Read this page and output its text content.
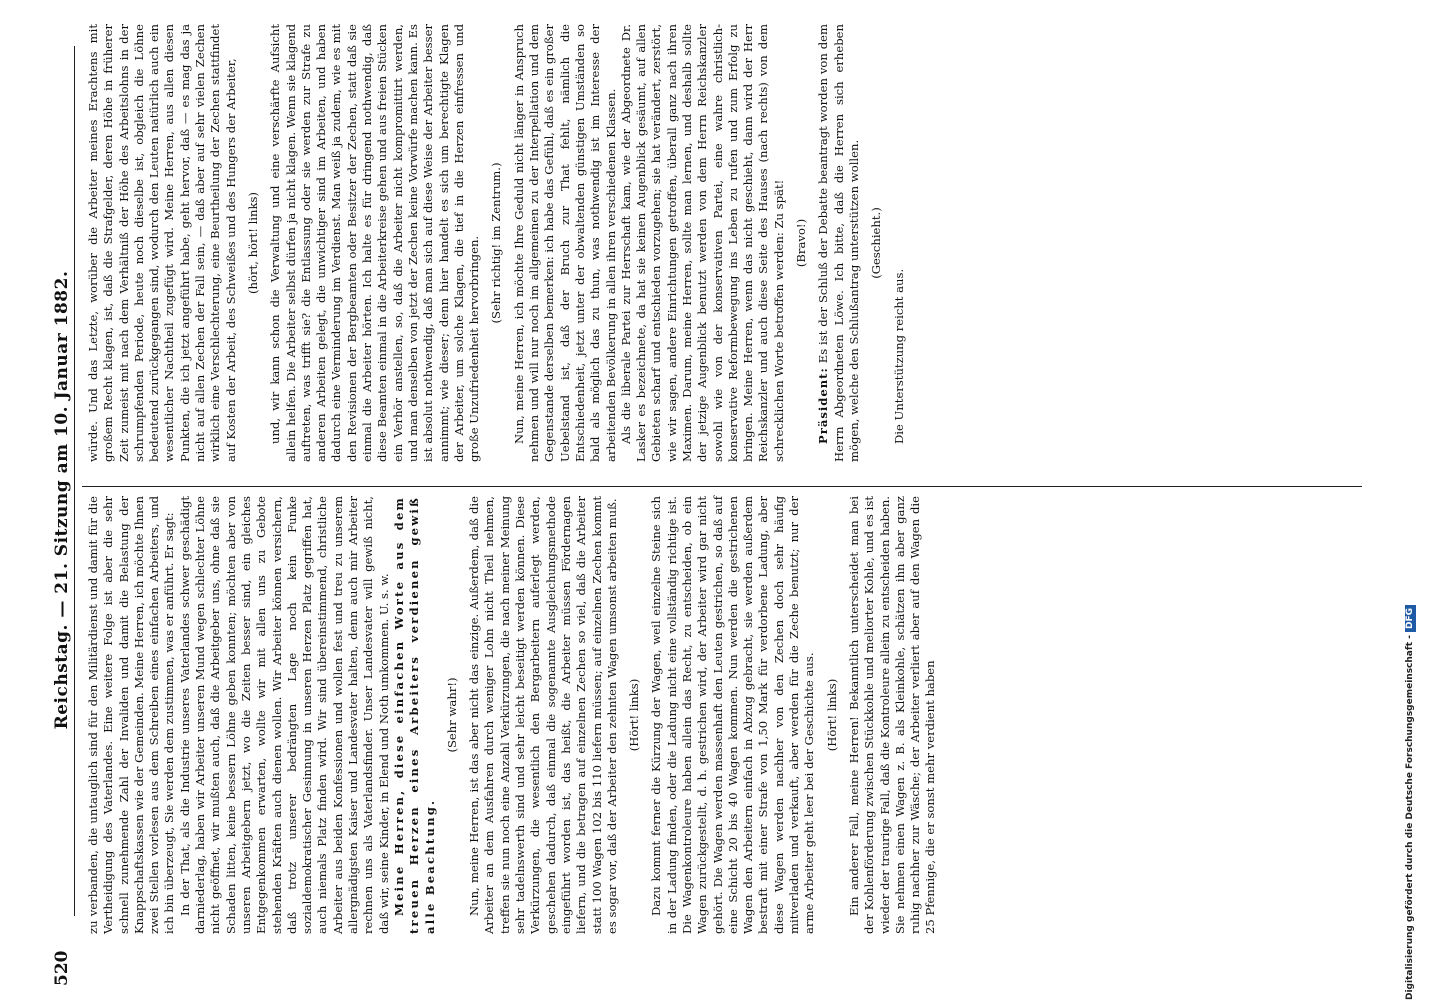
520
Reichstag. — 21. Sitzung am 10. Januar 1882. zu verbanden, die untauglich sind für den Militärdienst und damit für die Vertheidigung des Vaterlandes. Eine weitere Folge ist aber die sehr schnell zunehmende Zahl der Invaliden und damit die Belastung der Knappschaftskassen wie der Gemeinden. Meine Herren, ich möchte Ihnen zwei Stellen vorlesen aus dem Schreiben eines einfachen Arbeiters, und ich bin überzeugt, Sie werden dem zustimmen, was er anführt. Er sagt: In der That, als die Industrie unseres Vaterlandes schwer geschädigt darniederlag, haben wir Arbeiter unseren Mund wegen schlechter Löhne nicht geöffnet, wir mußten auch, daß die Arbeitgeber uns, ohne daß sie Schaden litten, keine bessern Löhne geben konnten; möchten aber von unseren Arbeitgebern jetzt, wo die Zeiten besser sind, ein gleiches Entgegenkommen erwarten, wollte wir mit allen uns zu Gebote stehenden Kräften auch dienen wollen. Wir Arbeiter können versichern, daß trotz unserer bedrängten Lage noch kein Funke sozialdemokratischer Gesinnung in unseren Herzen Platz gegriffen hat, auch niemals Platz finden wird. Wir sind übereinstimmend, christliche Arbeiter aus beiden Konfessionen und wollen fest und treu zu unserem allergnädigsten Kaiser und Landesvater halten, denn auch mir Arbeiter rechnen uns als Vaterlandsfinder. Unser Landesvater will gewiß nicht, daß wir, seine Kinder, in Elend und Noth umkommen. U. s. w. Meine Herren, diese einfachen Worte aus dem treuen Herzen eines Arbeiters verdienen gewiß alle Beachtung.

(Sehr wahr!) Nun, meine Herren, ist das aber nicht das einzige. Außerdem, daß die Arbeiter an dem Ausfahren durch weniger Lohn nicht Theil nehmen, treffen sie nun noch eine Anzahl Verkürzungen, die nach meiner Meinung sehr tadelnswerth sind und sehr leicht beseitigt werden können. Diese Verkürzungen, die wesentlich den Bergarbeitern auferlegt werden, geschehen dadurch, daß einmal die sogenannte Ausgleichungsmethode eingeführt worden ist, das heißt, die Arbeiter müssen Fördernagen liefern, und die betragen auf einzelnen Zechen so viel, daß die Arbeiter statt 100 Wagen 102 bis 110 liefern müssen; auf einzelnen Zechen kommt es sogar vor, daß der Arbeiter den zehnten Wagen umsonst arbeiten muß. (Hört! links) Dazu kommt ferner die Kürzung der Wagen, weil einzelne Steine sich in der Ladung finden, oder die Ladung nicht eine vollständig richtige ist. Die Wagenkontroleure haben allein das Recht, zu entscheiden, ob ein Wagen zurückgestellt, d. h. gestrichen wird, der Arbeiter wird gar nicht gehört. Die Wagen werden massenhaft den Leuten gestrichen, so daß auf eine Schicht 20 bis 40 Wagen kommen. Nun werden die gestrichenen Wagen den Arbeitern einfach in Abzug gebracht, sie werden außerdem bestraft mit einer Strafe von 1,50 Mark für verdorbene Ladung, aber diese Wagen werden nachher von den Zechen doch sehr häufig mitverladen und verkauft, aber werden für die Zeche benutzt; nur der arme Arbeiter geht leer bei der Geschichte aus. (Hört! links) Ein anderer Fall, meine Herren! Bekanntlich unterscheidet man bei der Kohlenförderung zwischen Stückkohle und meliorter Kohle, und es ist wieder der traurige Fall, daß die Kontroleure allein zu entscheiden haben. Sie nehmen einen Wagen z. B. als Kleinkohle, schätzen ihn aber ganz ruhig nachher zur Wäsche; der Arbeiter verliert aber auf den Wagen die 25 Pfennige, die er sonst mehr verdient haben

würde. Und das Letzte, worüber die Arbeiter meines Erachtens mit großem Recht klagen, ist, daß die Strafgelder, deren Höhe in früherer Zeit zumeist mit nach dem Verhältniß der Höhe des Arbeitslohns in der schrumpfenden Periode, heute noch dieselbe ist, obgleich die Löhne bedeutend zurückgegangen sind, wodurch den Leuten natürlich auch ein wesentlicher Nachtheil zugefügt wird. Meine Herren, aus allen diesen Punkten, die ich jetzt angeführt habe, geht hervor, daß — es mag das ja nicht auf allen Zechen der Fall sein, — daß aber auf sehr vielen Zechen wirklich eine Verschlechterung, eine Beurtheilung der Zechen stattfindet auf Kosten der Arbeit, des Schweißes und des Hungers der Arbeiter, (hört, hört! links) und, wir kann schon die Verwaltung und eine verschärfte Aufsicht allein helfen. Die Arbeiter selbst dürfen ja nicht klagen. Wenn sie klagend auftreten, was trifft sie? die Entlassung oder sie werden zur Strafe zu anderen Arbeiten gelegt, die unwichtiger sind im Arbeiten, und haben dadurch eine Verminderung im Verdienst. Man weiß ja zudem, wie es mit den Revisionen der Bergbeamten oder Besitzer der Zechen, statt daß sie einmal die Arbeiter hörten. Ich halte es für dringend nothwendig, daß diese Beamten einmal in die Arbeiterkreise gehen und aus freien Stücken ein Verhör anstellen, so, daß die Arbeiter nicht kompromittirt werden, und man denselben von jetzt der Zechen keine Vorwürfe machen kann. Es ist absolut nothwendig, daß man sich auf diese Weise der Arbeiter besser annimmt; wie dieser; denn hier handelt es sich um berechtigte Klagen der Arbeiter, um solche Klagen, die tief in die Herzen einfressen und große Unzufriedenheit hervorbringen. (Sehr richtig! im Zentrum.) Nun, meine Herren, ich möchte Ihre Geduld nicht länger in Anspruch nehmen und will nur noch im allgemeinen zu der Interpellation und dem Gegenstande derselben bemerken: ich habe das Gefühl, daß es ein großer Uebelstand ist, daß der Bruch zur That fehlt, nämlich die Entschiedenheit, jetzt unter der obwaltenden günstigen Umständen so bald als möglich das zu thun, was nothwendig ist im Interesse der arbeitenden Bevölkerung in allen ihren verschiedenen Klassen. Als die liberale Partei zur Herrschaft kam, wie der Abgeordnete Dr. Lasker es bezeichnete, da hat sie keinen Augenblick gesäumt, auf allen Gebieten scharf und entschieden vorzugehen; sie hat verändert, zerstört, wie wir sagen, andere Einrichtungen getroffen, überall ganz nach ihren Maximen. Darum, meine Herren, sollte man lernen, und deshalb sollte der jetzige Augenblick benutzt werden von dem Herrn Reichskanzler sowohl wie von der konservativen Partei, eine wahre christlich-konservative Reformbewegung ins Leben zu rufen und zum Erfolg zu bringen. Meine Herren, wenn das nicht geschieht, dann wird der Herr Reichskanzler und auch diese Seite des Hauses (nach rechts) von dem schrecklichen Worte betroffen werden: Zu spät! (Bravo!)

Präsident: Es ist der Schluß der Debatte beantragt worden von dem Herrn Abgeordneten Löwe. Ich bitte, daß die Herren sich erheben mögen, welche den Schlußantrag unterstützen wollen. (Geschieht.)

Die Unterstützung reicht aus.

Digitalisierung gefördert durch die Deutsche Forschungsgemeinschaft - DFG
